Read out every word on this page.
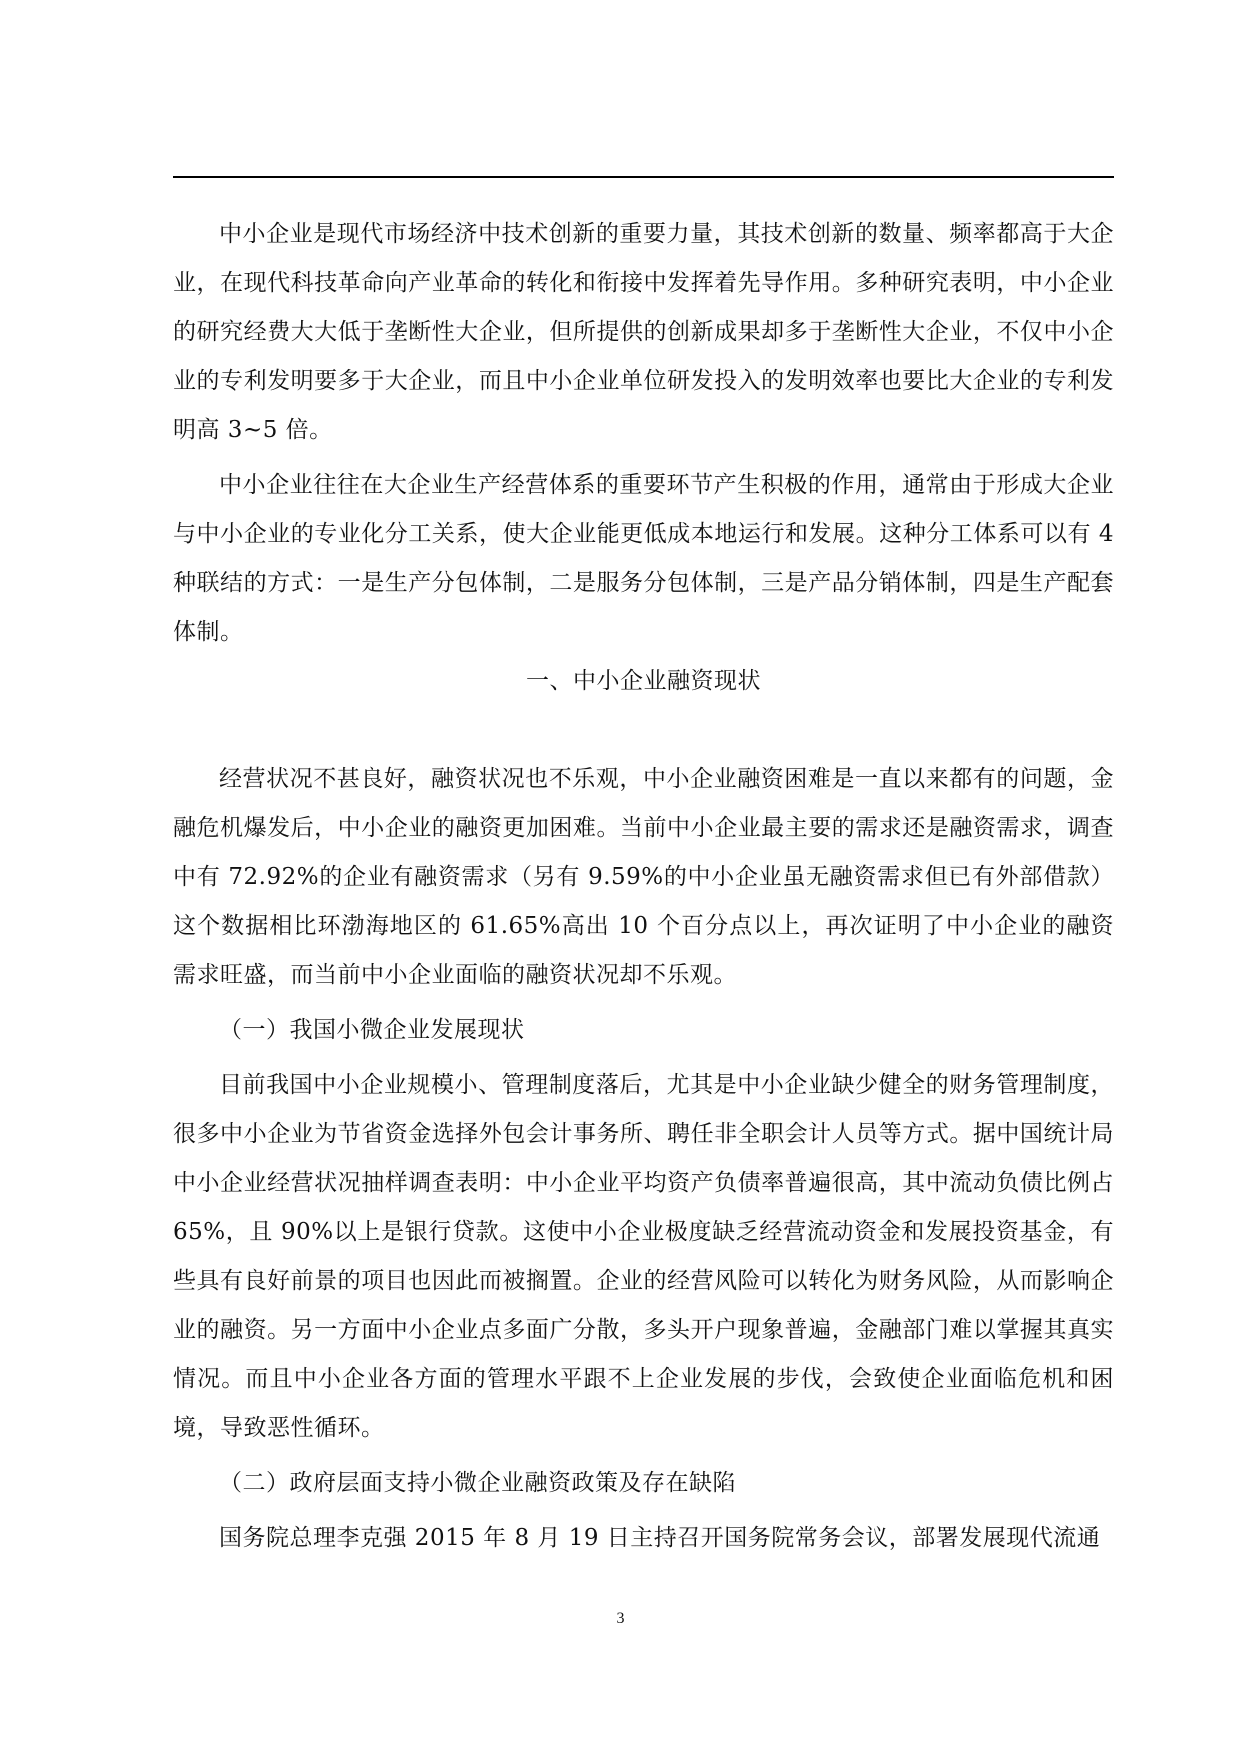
中小企业是现代市场经济中技术创新的重要力量，其技术创新的数量、频率都高于大企业，在现代科技革命向产业革命的转化和衔接中发挥着先导作用。多种研究表明，中小企业的研究经费大大低于垄断性大企业，但所提供的创新成果却多于垄断性大企业，不仅中小企业的专利发明要多于大企业，而且中小企业单位研发投入的发明效率也要比大企业的专利发明高 3~5 倍。

中小企业往往在大企业生产经营体系的重要环节产生积极的作用，通常由于形成大企业与中小企业的专业化分工关系，使大企业能更低成本地运行和发展。这种分工体系可以有 4 种联结的方式：一是生产分包体制，二是服务分包体制，三是产品分销体制，四是生产配套体制。

一、中小企业融资现状

经营状况不甚良好，融资状况也不乐观，中小企业融资困难是一直以来都有的问题，金融危机爆发后，中小企业的融资更加困难。当前中小企业最主要的需求还是融资需求，调查中有 72.92%的企业有融资需求（另有 9.59%的中小企业虽无融资需求但已有外部借款）这个数据相比环渤海地区的 61.65%高出 10 个百分点以上，再次证明了中小企业的融资需求旺盛，而当前中小企业面临的融资状况却不乐观。

（一）我国小微企业发展现状

目前我国中小企业规模小、管理制度落后，尤其是中小企业缺少健全的财务管理制度，很多中小企业为节省资金选择外包会计事务所、聘任非全职会计人员等方式。据中国统计局中小企业经营状况抽样调查表明：中小企业平均资产负债率普遍很高，其中流动负债比例占 65%，且 90%以上是银行贷款。这使中小企业极度缺乏经营流动资金和发展投资基金，有些具有良好前景的项目也因此而被搁置。企业的经营风险可以转化为财务风险，从而影响企业的融资。另一方面中小企业点多面广分散，多头开户现象普遍，金融部门难以掌握其真实情况。而且中小企业各方面的管理水平跟不上企业发展的步伐，会致使企业面临危机和困境，导致恶性循环。

（二）政府层面支持小微企业融资政策及存在缺陷

国务院总理李克强 2015 年 8 月 19 日主持召开国务院常务会议，部署发展现代流通

3
